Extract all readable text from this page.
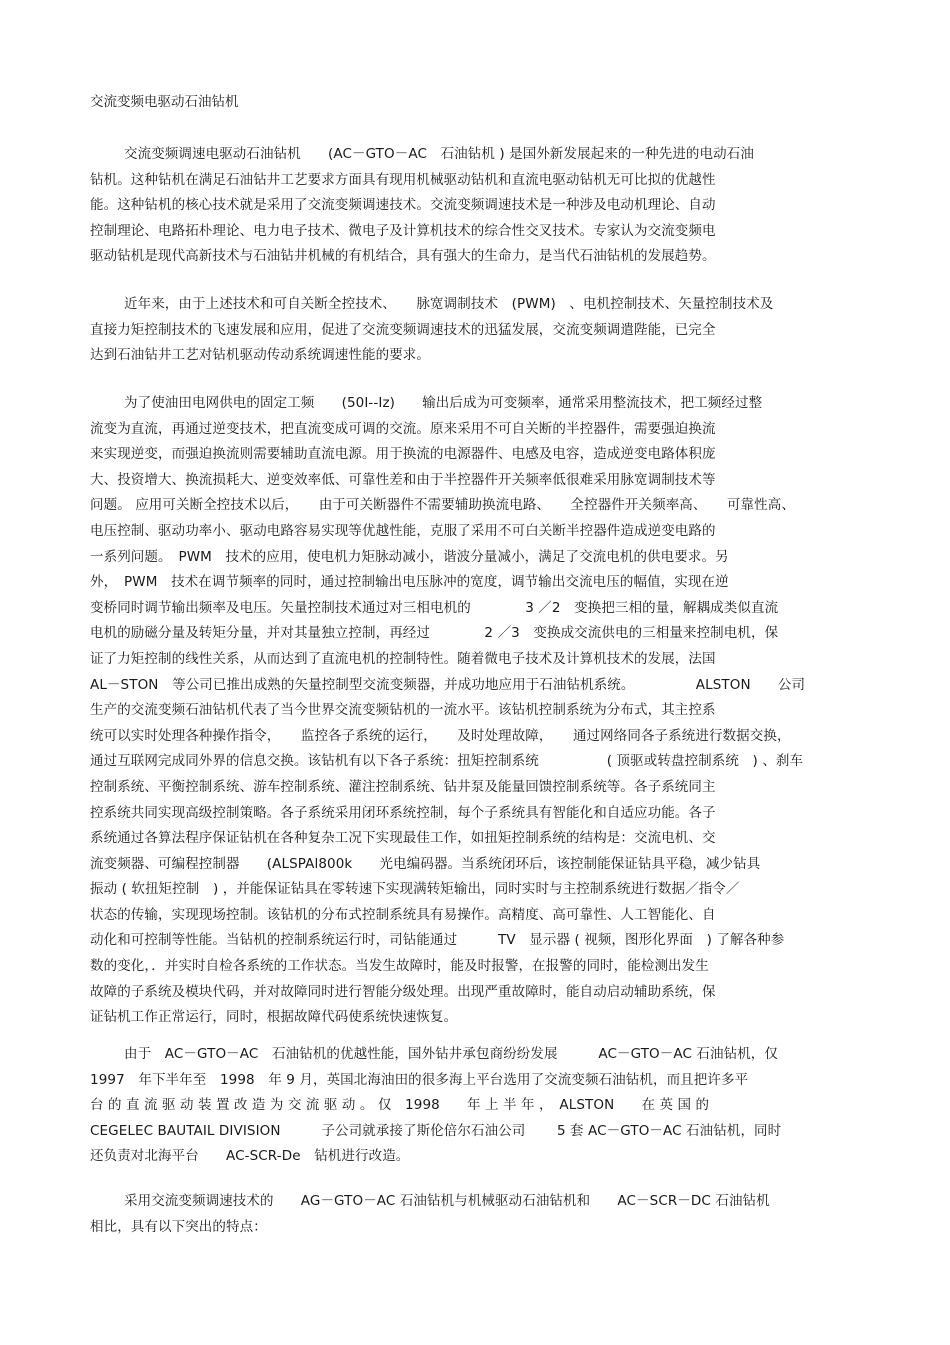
交流变频电驱动石油钻机
交流变频调速电驱动石油钻机　　(AC－GTO－AC　石油钻机 ) 是国外新发展起来的一种先进的电动石油
钻机。这种钻机在满足石油钻井工艺要求方面具有现用机械驱动钻机和直流电驱动钻机无可比拟的优越性
能。这种钻机的核心技术就是采用了交流变频调速技术。交流变频调速技术是一种涉及电动机理论、自动
控制理论、电路拓朴理论、电力电子技术、微电子及计算机技术的综合性交叉技术。专家认为交流变频电
驱动钻机是现代高新技术与石油钻井机械的有机结合，具有强大的生命力，是当代石油钻机的发展趋势。
近年来，由于上述技术和可自关断全控技术、　　脉宽调制技术　(PWM)　、电机控制技术、矢量控制技术及
直接力矩控制技术的飞速发展和应用，促进了交流变频调速技术的迅猛发展，交流变频调遣陛能，已完全
达到石油钻井工艺对钻机驱动传动系统调速性能的要求。
为了使油田电网供电的固定工频　　(50I--Iz)　　输出后成为可变频率，通常采用整流技术，把工频经过整
流变为直流，再通过逆变技术，把直流变成可调的交流。原来采用不可自关断的半控器件，需要强迫换流
来实现逆变，而强迫换流则需要辅助直流电源。用于换流的电源器件、电感及电容，造成逆变电路体积庞
大、投资增大、换流损耗大、逆变效率低、可靠性差和由于半控器件开关频率低很难采用脉宽调制技术等
问题。 应用可关断全控技术以后，　　由于可关断器件不需要辅助换流电路、　　全控器件开关频率高、　　可靠性高、
电压控制、驱动功率小、驱动电路容易实现等优越性能，克服了采用不可白关断半控器件造成逆变电路的
一系列问题。　PWM　技术的应用，使电机力矩脉动减小，谐波分量减小，满足了交流电机的供电要求。另
外，　PWM　技术在调节频率的同时，通过控制输出电压脉冲的宽度，调节输出交流电压的幅值，实现在逆
变桥同时调节输出频率及电压。矢量控制技术通过对三相电机的　　　　3 ／2　变换把三相的量，解耦成类似直流
电机的励磁分量及转矩分量，并对其量独立控制，再经过　　　　2 ／3　变换成交流供电的三相量来控制电机，保
证了力矩控制的线性关系，从而达到了直流电机的控制特性。随着微电子技术及计算机技术的发展，法国
AL－STON　等公司已推出成熟的矢量控制型交流变频器，并成功地应用于石油钻机系统。　　　　　ALSTON　　公司
生产的交流变频石油钻机代表了当今世界交流变频钻机的一流水平。该钻机控制系统为分布式，其主控系
统可以实时处理各种操作指令，　　监控各子系统的运行，　　及时处理故障，　　通过网络同各子系统进行数据交换，
通过互联网完成同外界的信息交换。该钻机有以下各子系统：扭矩控制系统　　　　　( 顶驱或转盘控制系统　) 、刹车
控制系统、平衡控制系统、游车控制系统、灌注控制系统、钻井泵及能量回馈控制系统等。各子系统同主
控系统共同实现高级控制策略。各子系统采用闭环系统控制，每个子系统具有智能化和自适应功能。各子
系统通过各算法程序保证钻机在各种复杂工况下实现最佳工作，如扭矩控制系统的结构是：交流电机、交
流变频器、可编程控制器　　(ALSPAl800k　　光电编码器。当系统闭环后，该控制能保证钻具平稳，减少钻具
振动 ( 软扭矩控制　) ，并能保证钻具在零转速下实现满转矩输出，同时实时与主控制系统进行数据／指令／
状态的传输，实现现场控制。该钻机的分布式控制系统具有易操作。高精度、高可靠性、人工智能化、自
动化和可控制等性能。当钻机的控制系统运行时，司钻能通过　　　TV　显示器 ( 视频，图形化界面　) 了解各种参
数的变化，．并实时自检各系统的工作状态。当发生故障时，能及时报警，在报警的同时，能检测出发生
故障的子系统及模块代码，并对故障同时进行智能分级处理。出现严重故障时，能自动启动辅助系统，保
证钻机工作正常运行，同时，根据故障代码使系统快速恢复。
由于　AC－GTO－AC　石油钻机的优越性能，国外钻井承包商纷纷发展　　　AC－GTO－AC 石油钻机，仅
1997　年下半年至　1998　年 9 月，英国北海油田的很多海上平台选用了交流变频石油钻机，而且把许多平
台 的 直 流 驱 动 装 置 改 造 为 交 流 驱 动 。 仅　1998　　年 上 半 年 ，　ALSTON　　在 英 国 的
CEGELEC BAUTAIL DIVISION　　　子公司就承接了斯伦倍尔石油公司　　 5 套 AC－GTO－AC 石油钻机，同时
还负责对北海平台　　AC-SCR-De　钻机进行改造。
采用交流变频调速技术的　　AG－GTO－AC 石油钻机与机械驱动石油钻机和　　AC－SCR－DC 石油钻机
相比，具有以下突出的特点：
